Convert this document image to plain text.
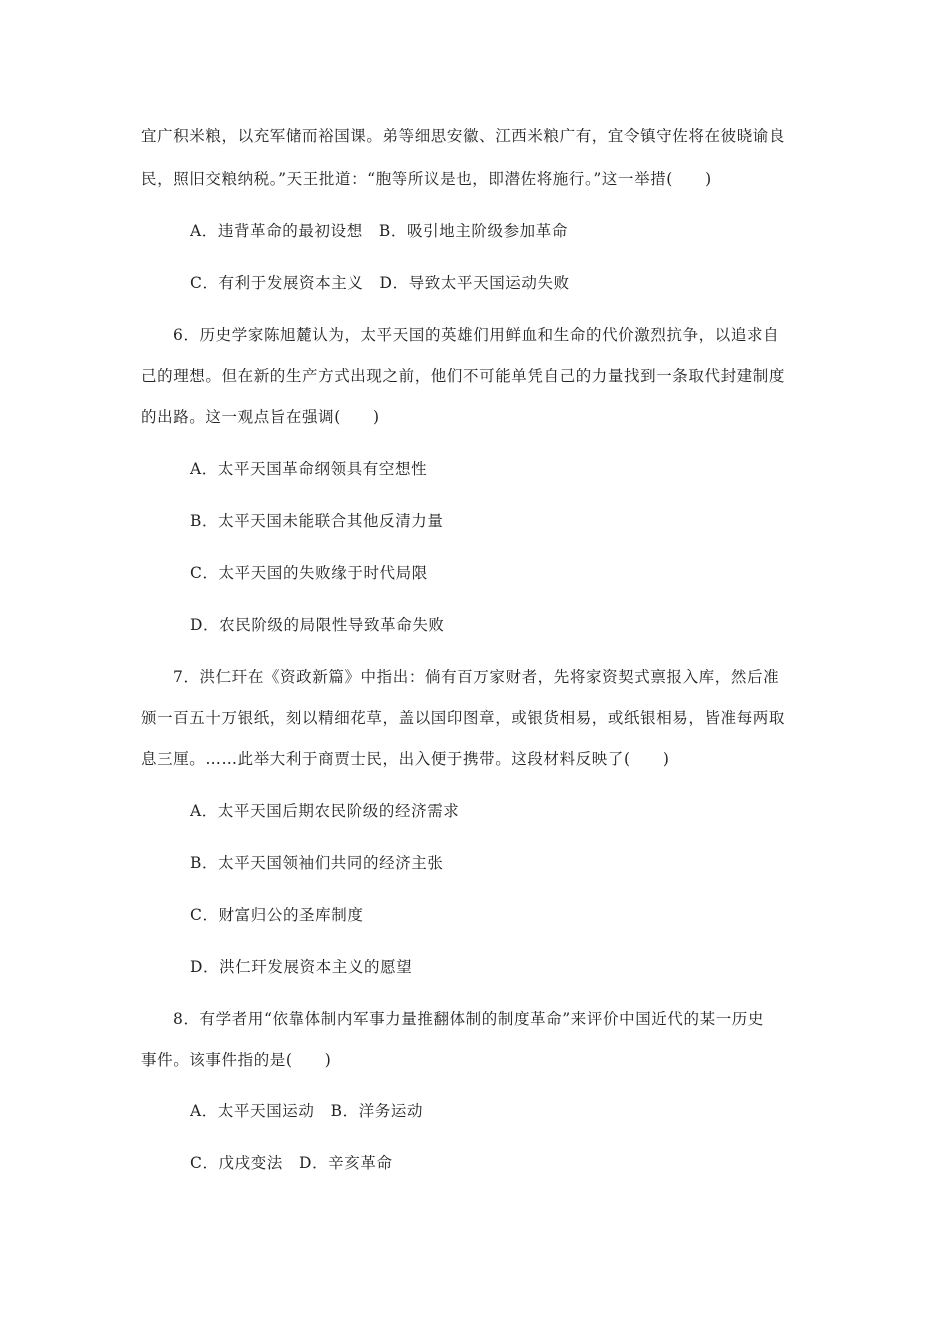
宜广积米粮，以充军储而裕国课。弟等细思安徽、江西米粮广有，宜令镇守佐将在彼晓谕良
民，照旧交粮纳税。”天王批道：“胞等所议是也，即潜佐将施行。”这一举措(　　)
A．违背革命的最初设想　B．吸引地主阶级参加革命
C．有利于发展资本主义　D．导致太平天国运动失败
6．历史学家陈旭麓认为，太平天国的英雄们用鲜血和生命的代价激烈抗争，以追求自
己的理想。但在新的生产方式出现之前，他们不可能单凭自己的力量找到一条取代封建制度
的出路。这一观点旨在强调(　　)
A．太平天国革命纲领具有空想性
B．太平天国未能联合其他反清力量
C．太平天国的失败缘于时代局限
D．农民阶级的局限性导致革命失败
7．洪仁玕在《资政新篇》中指出：倘有百万家财者，先将家资契式禀报入库，然后准
颁一百五十万银纸，刻以精细花草，盖以国印图章，或银货相易，或纸银相易，皆准每两取
息三厘。……此举大利于商贾士民，出入便于携带。这段材料反映了(　　)
A．太平天国后期农民阶级的经济需求
B．太平天国领袖们共同的经济主张
C．财富归公的圣库制度
D．洪仁玕发展资本主义的愿望
8．有学者用“依靠体制内军事力量推翻体制的制度革命”来评价中国近代的某一历史
事件。该事件指的是(　　)
A．太平天国运动　B．洋务运动
C．戊戌变法　D．辛亥革命
